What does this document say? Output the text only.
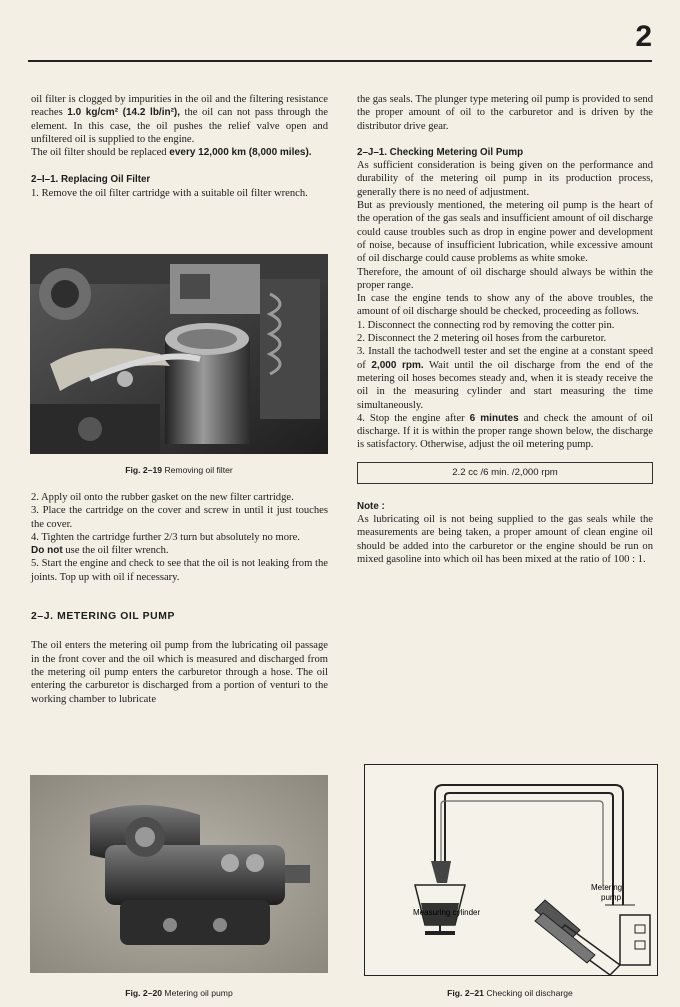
2

oil filter is clogged by impurities in the oil and the filtering resistance reaches 1.0 kg/cm² (14.2 lb/in²), the oil can not pass through the element. In this case, the oil pushes the relief valve open and unfiltered oil is supplied to the engine.

The oil filter should be replaced every 12,000 km (8,000 miles).

2–I–1. Replacing Oil Filter

1. Remove the oil filter cartridge with a suitable oil filter wrench.

Fig. 2–19 Removing oil filter

2. Apply oil onto the rubber gasket on the new filter cartridge.

3. Place the cartridge on the cover and screw in until it just touches the cover.

4. Tighten the cartridge further 2/3 turn but absolutely no more.

Do not use the oil filter wrench.

5. Start the engine and check to see that the oil is not leaking from the joints. Top up with oil if necessary.

2–J. METERING OIL PUMP

The oil enters the metering oil pump from the lubricating oil passage in the front cover and the oil which is measured and discharged from the metering oil pump enters the carburetor through a hose. The oil entering the carburetor is discharged from a portion of venturi to the working chamber to lubricate

Fig. 2–20 Metering oil pump

the gas seals. The plunger type metering oil pump is provided to send the proper amount of oil to the carburetor and is driven by the distributor drive gear.

2–J–1. Checking Metering Oil Pump

As sufficient consideration is being given on the performance and durability of the metering oil pump in its production process, generally there is no need of adjustment.

But as previously mentioned, the metering oil pump is the heart of the operation of the gas seals and insufficient amount of oil discharge could cause troubles such as drop in engine power and development of noise, because of insufficient lubrication, while excessive amount of oil discharge could cause problems as white smoke.

Therefore, the amount of oil discharge should always be within the proper range.

In case the engine tends to show any of the above troubles, the amount of oil discharge should be checked, proceeding as follows.

1. Disconnect the connecting rod by removing the cotter pin.

2. Disconnect the 2 metering oil hoses from the carburetor.

3. Install the tachodwell tester and set the engine at a constant speed of 2,000 rpm. Wait until the oil discharge from the end of the metering oil hoses becomes steady and, when it is steady receive the oil in the measuring cylinder and start measuring the time simultaneously.

4. Stop the engine after 6 minutes and check the amount of oil discharge. If it is within the proper range shown below, the discharge is satisfactory. Otherwise, adjust the oil metering pump.

2.2 cc /6 min. /2,000 rpm

Note :

As lubricating oil is not being supplied to the gas seals while the measurements are being taken, a proper amount of clean engine oil should be added into the carburetor or the engine should be run on mixed gasoline into which oil has been mixed at the ratio of 100 : 1.

Measuring cylinder
Metering
pump
Fig. 2–21 Checking oil discharge
